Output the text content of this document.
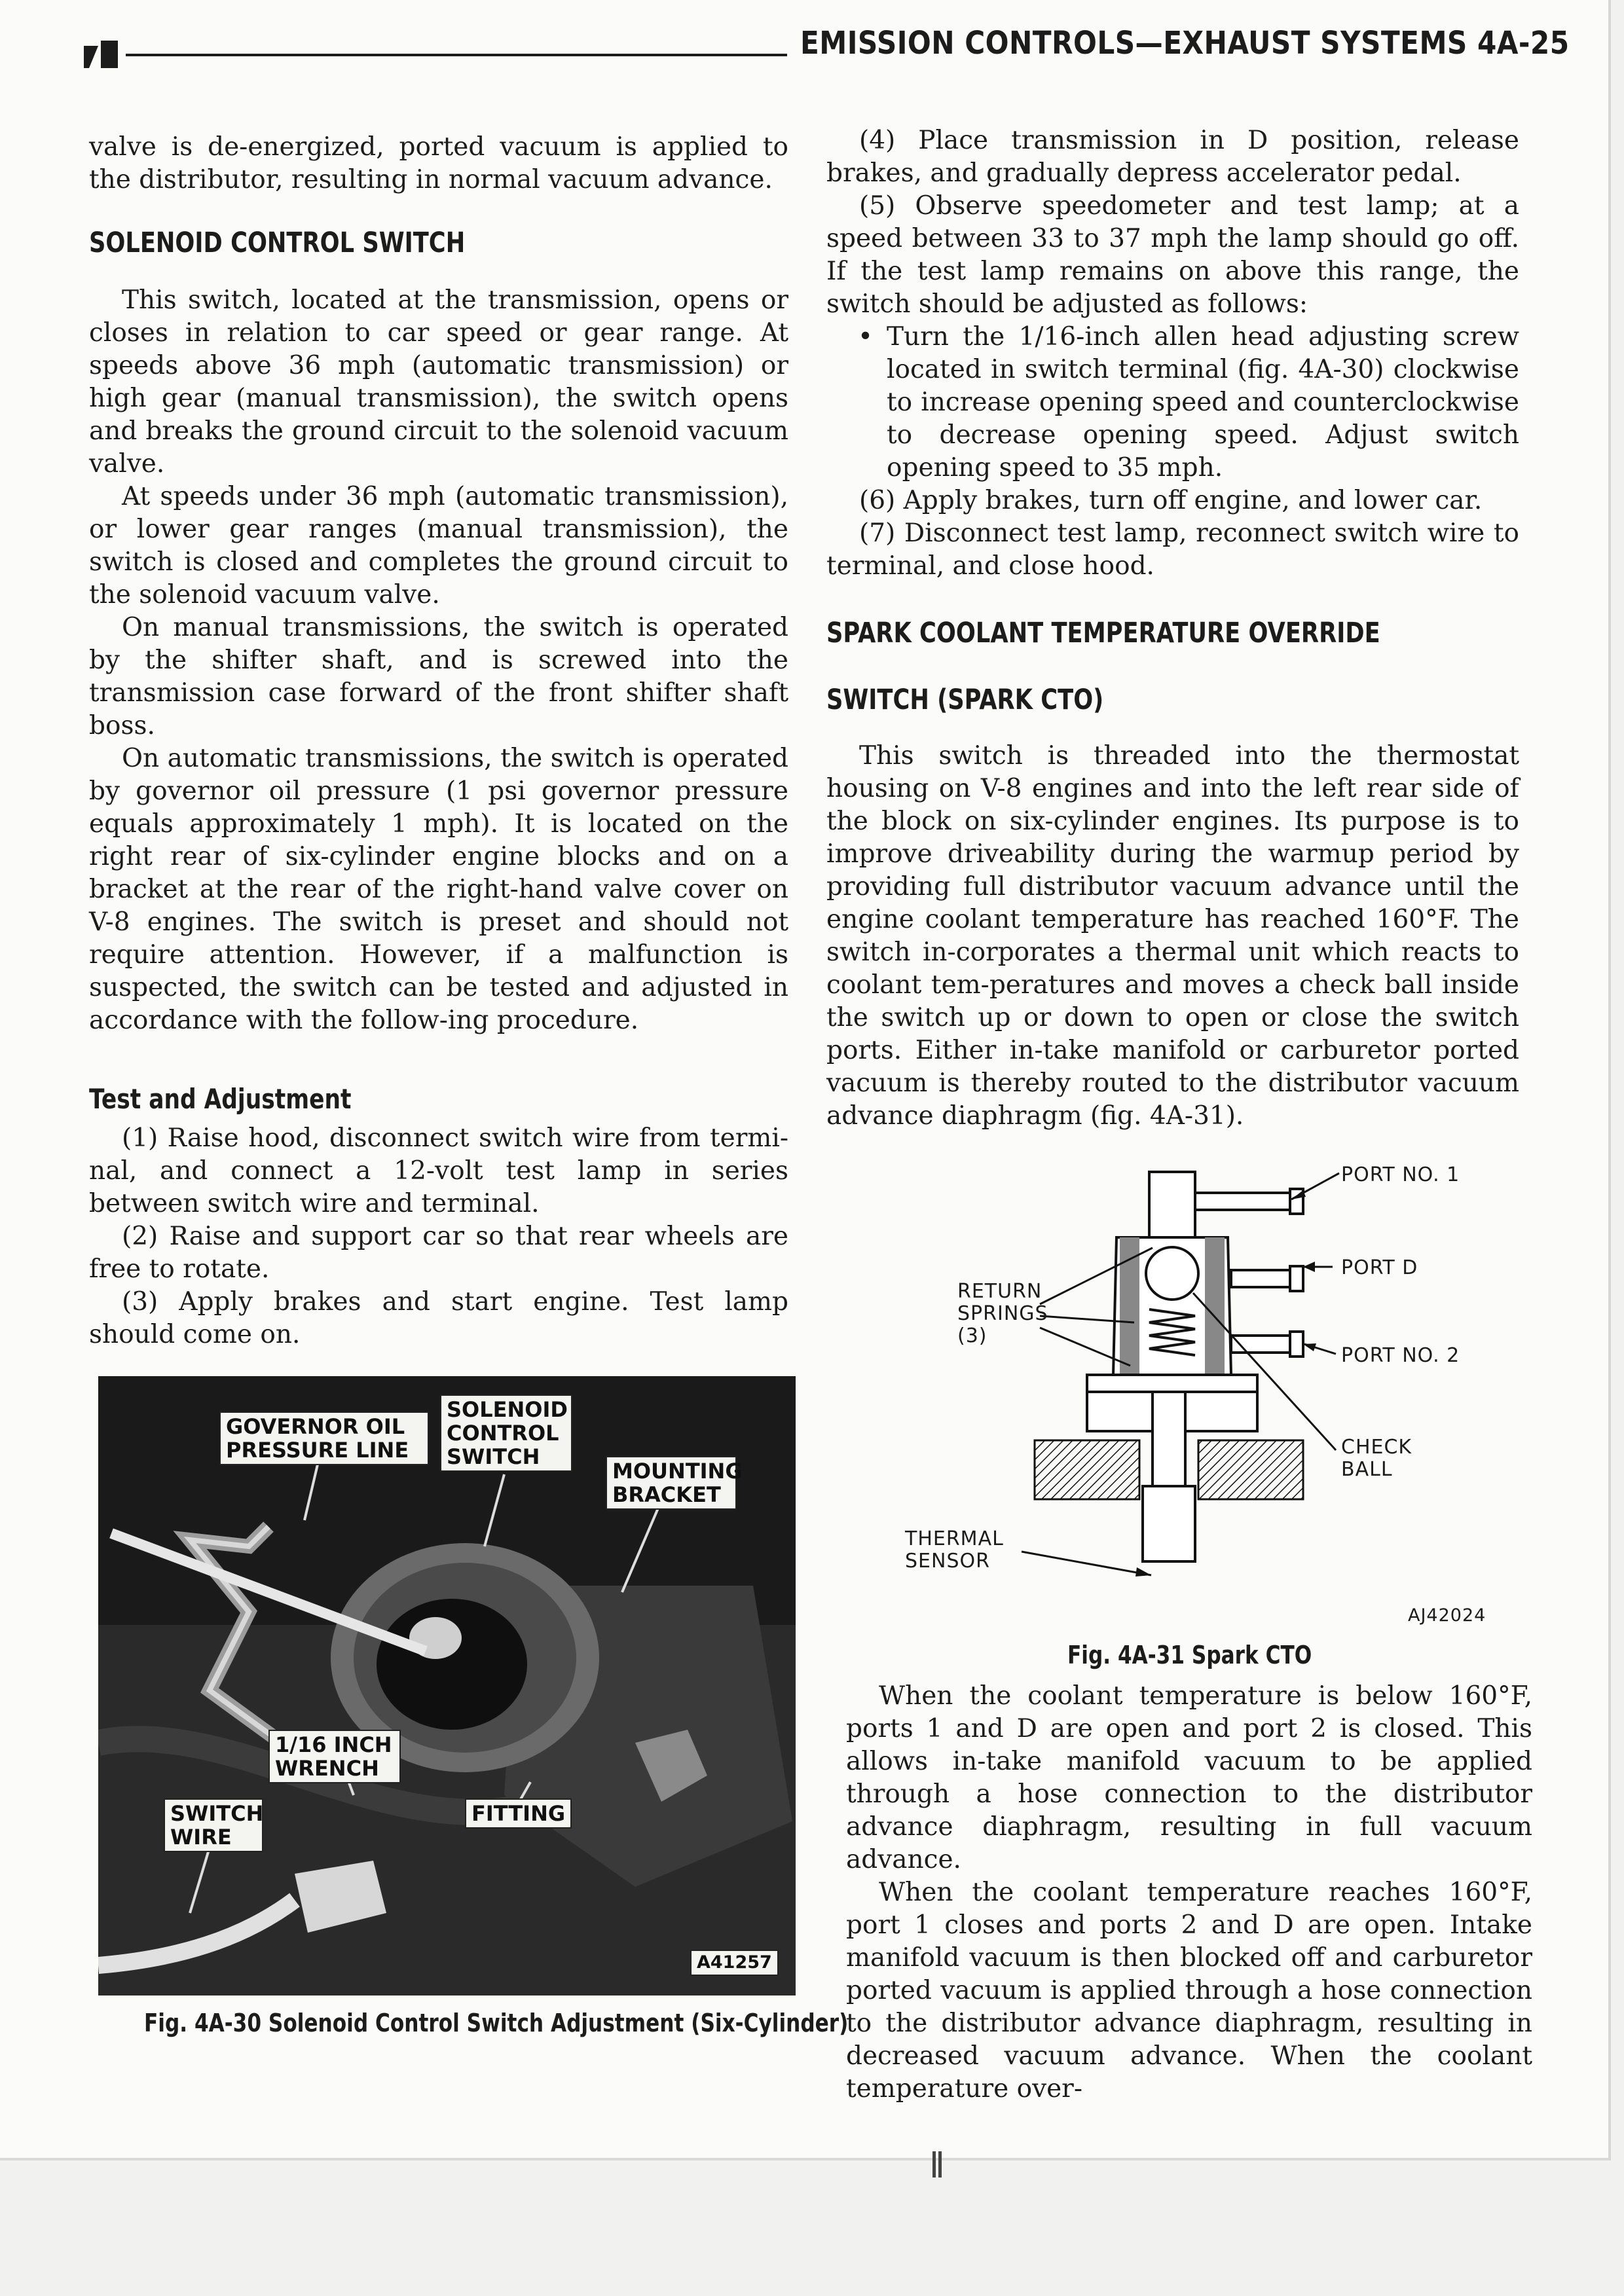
EMISSION CONTROLS—EXHAUST SYSTEMS 4A-25

valve is de-energized, ported vacuum is applied to the distributor, resulting in normal vacuum advance.

SOLENOID CONTROL SWITCH

This switch, located at the transmission, opens or closes in relation to car speed or gear range. At speeds above 36 mph (automatic transmission) or high gear (manual transmission), the switch opens and breaks the ground circuit to the solenoid vacuum valve.

At speeds under 36 mph (automatic transmission), or lower gear ranges (manual transmission), the switch is closed and completes the ground circuit to the solenoid vacuum valve.

On manual transmissions, the switch is operated by the shifter shaft, and is screwed into the transmission case forward of the front shifter shaft boss.

On automatic transmissions, the switch is operated by governor oil pressure (1 psi governor pressure equals approximately 1 mph). It is located on the right rear of six-cylinder engine blocks and on a bracket at the rear of the right-hand valve cover on V-8 engines. The switch is preset and should not require attention. However, if a malfunction is suspected, the switch can be tested and adjusted in accordance with the follow-ing procedure.

Test and Adjustment

(1) Raise hood, disconnect switch wire from termi-nal, and connect a 12-volt test lamp in series between switch wire and terminal.

(2) Raise and support car so that rear wheels are free to rotate.

(3) Apply brakes and start engine. Test lamp should come on.

GOVERNOR OIL PRESSURE LINE
SOLENOID CONTROL SWITCH
MOUNTING BRACKET
1/16 INCH WRENCH
SWITCH WIRE
FITTING
A41257
Fig. 4A-30 Solenoid Control Switch Adjustment (Six-Cylinder)

(4) Place transmission in D position, release brakes, and gradually depress accelerator pedal.

(5) Observe speedometer and test lamp; at a speed between 33 to 37 mph the lamp should go off. If the test lamp remains on above this range, the switch should be adjusted as follows:

• Turn the 1/16-inch allen head adjusting screw located in switch terminal (fig. 4A-30) clockwise to increase opening speed and counterclockwise to decrease opening speed. Adjust switch opening speed to 35 mph.

(6) Apply brakes, turn off engine, and lower car.

(7) Disconnect test lamp, reconnect switch wire to terminal, and close hood.

SPARK COOLANT TEMPERATURE OVERRIDE
SWITCH (SPARK CTO)

This switch is threaded into the thermostat housing on V-8 engines and into the left rear side of the block on six-cylinder engines. Its purpose is to improve driveability during the warmup period by providing full distributor vacuum advance until the engine coolant temperature has reached 160°F. The switch in-corporates a thermal unit which reacts to coolant tem-peratures and moves a check ball inside the switch up or down to open or close the switch ports. Either in-take manifold or carburetor ported vacuum is thereby routed to the distributor vacuum advance diaphragm (fig. 4A-31).

PORT NO. 1
PORT D
PORT NO. 2
RETURN SPRINGS (3)
CHECK BALL
THERMAL SENSOR
AJ42024
Fig. 4A-31 Spark CTO

When the coolant temperature is below 160°F, ports 1 and D are open and port 2 is closed. This allows in-take manifold vacuum to be applied through a hose connection to the distributor advance diaphragm, resulting in full vacuum advance.

When the coolant temperature reaches 160°F, port 1 closes and ports 2 and D are open. Intake manifold vacuum is then blocked off and carburetor ported vacuum is applied through a hose connection to the distributor advance diaphragm, resulting in decreased vacuum advance. When the coolant temperature over-
